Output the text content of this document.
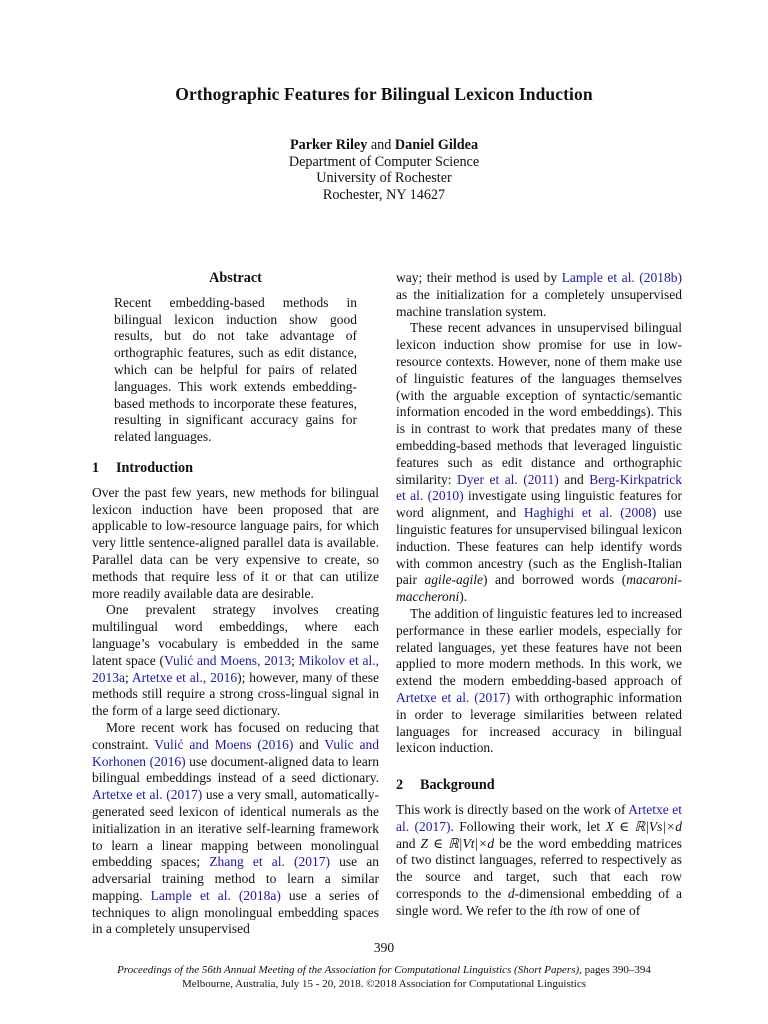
Orthographic Features for Bilingual Lexicon Induction
Parker Riley and Daniel Gildea
Department of Computer Science
University of Rochester
Rochester, NY 14627
Abstract
Recent embedding-based methods in bilingual lexicon induction show good results, but do not take advantage of orthographic features, such as edit distance, which can be helpful for pairs of related languages. This work extends embedding-based methods to incorporate these features, resulting in significant accuracy gains for related languages.
1 Introduction

Over the past few years, new methods for bilingual lexicon induction have been proposed that are applicable to low-resource language pairs, for which very little sentence-aligned parallel data is available. Parallel data can be very expensive to create, so methods that require less of it or that can utilize more readily available data are desirable.

One prevalent strategy involves creating multilingual word embeddings, where each language’s vocabulary is embedded in the same latent space (Vulić and Moens, 2013; Mikolov et al., 2013a; Artetxe et al., 2016); however, many of these methods still require a strong cross-lingual signal in the form of a large seed dictionary.

More recent work has focused on reducing that constraint. Vulić and Moens (2016) and Vulic and Korhonen (2016) use document-aligned data to learn bilingual embeddings instead of a seed dictionary. Artetxe et al. (2017) use a very small, automatically-generated seed lexicon of identical numerals as the initialization in an iterative self-learning framework to learn a linear mapping between monolingual embedding spaces; Zhang et al. (2017) use an adversarial training method to learn a similar mapping. Lample et al. (2018a) use a series of techniques to align monolingual embedding spaces in a completely unsupervised

way; their method is used by Lample et al. (2018b) as the initialization for a completely unsupervised machine translation system.

These recent advances in unsupervised bilingual lexicon induction show promise for use in low-resource contexts. However, none of them make use of linguistic features of the languages themselves (with the arguable exception of syntactic/semantic information encoded in the word embeddings). This is in contrast to work that predates many of these embedding-based methods that leveraged linguistic features such as edit distance and orthographic similarity: Dyer et al. (2011) and Berg-Kirkpatrick et al. (2010) investigate using linguistic features for word alignment, and Haghighi et al. (2008) use linguistic features for unsupervised bilingual lexicon induction. These features can help identify words with common ancestry (such as the English-Italian pair agile-agile) and borrowed words (macaroni-maccheroni).

The addition of linguistic features led to increased performance in these earlier models, especially for related languages, yet these features have not been applied to more modern methods. In this work, we extend the modern embedding-based approach of Artetxe et al. (2017) with orthographic information in order to leverage similarities between related languages for increased accuracy in bilingual lexicon induction.

2 Background

This work is directly based on the work of Artetxe et al. (2017). Following their work, let X ∈ ℝ|Vs|×d and Z ∈ ℝ|Vt|×d be the word embedding matrices of two distinct languages, referred to respectively as the source and target, such that each row corresponds to the d-dimensional embedding of a single word. We refer to the ith row of one of

390
Proceedings of the 56th Annual Meeting of the Association for Computational Linguistics (Short Papers), pages 390–394
Melbourne, Australia, July 15 - 20, 2018. ©2018 Association for Computational Linguistics
